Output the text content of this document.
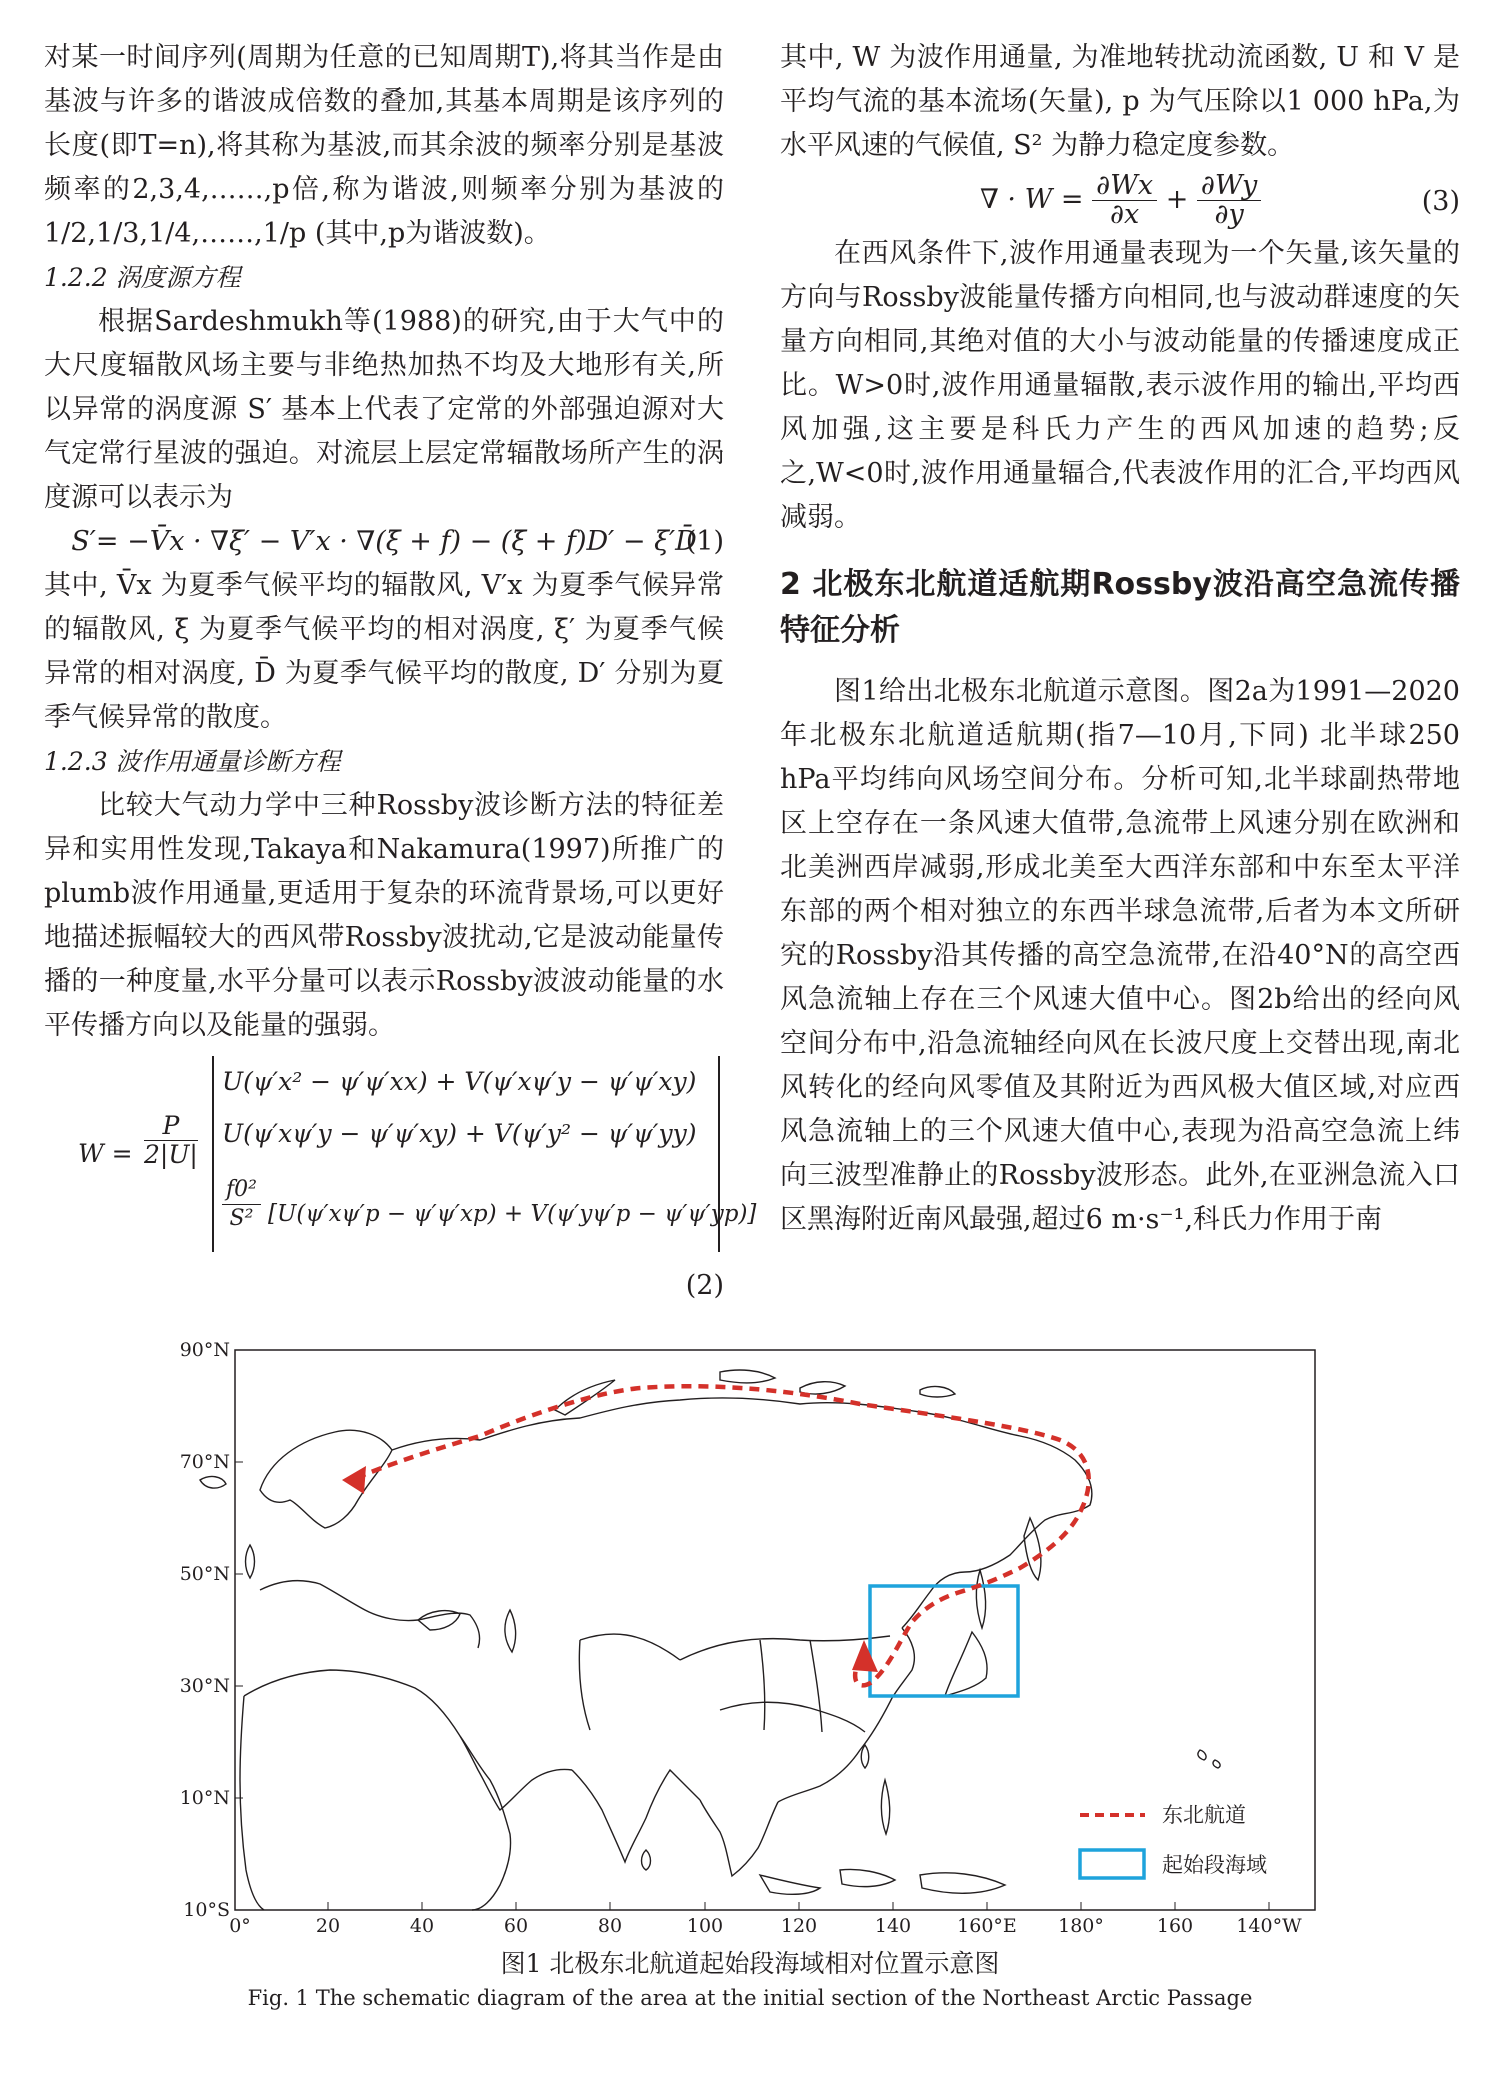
对某一时间序列(周期为任意的已知周期T),将其当作是由基波与许多的谐波成倍数的叠加,其基本周期是该序列的长度(即T=n),将其称为基波,而其余波的频率分别是基波频率的2,3,4,……,p倍,称为谐波,则频率分别为基波的1/2,1/3,1/4,……,1/p (其中,p为谐波数)。

1.2.2 涡度源方程

根据Sardeshmukh等(1988)的研究,由于大气中的大尺度辐散风场主要与非绝热加热不均及大地形有关,所以异常的涡度源 S′ 基本上代表了定常的外部强迫源对大气定常行星波的强迫。对流层上层定常辐散场所产生的涡度源可以表示为

S′= −V̄x · ∇ξ′ − V′x · ∇(ξ̄ + f) − (ξ̄ + f)D′ − ξ′D̄
(1)

其中, V̄x 为夏季气候平均的辐散风, V′x 为夏季气候异常的辐散风, ξ̄ 为夏季气候平均的相对涡度, ξ′ 为夏季气候异常的相对涡度, D̄ 为夏季气候平均的散度, D′ 分别为夏季气候异常的散度。

1.2.3 波作用通量诊断方程

比较大气动力学中三种Rossby波诊断方法的特征差异和实用性发现,Takaya和Nakamura(1997)所推广的plumb波作用通量,更适用于复杂的环流背景场,可以更好地描述振幅较大的西风带Rossby波扰动,它是波动能量传播的一种度量,水平分量可以表示Rossby波波动能量的水平传播方向以及能量的强弱。

$W = \frac{P}{2|U|}$
U(ψ′x² − ψ′ψ′xx) + V(ψ′xψ′y − ψ′ψ′xy)
U(ψ′xψ′y − ψ′ψ′xy) + V(ψ′y² − ψ′ψ′yy)
$\frac{\text{f0²}}{\text{S²}} [U(\psi'x\psi'p - \psi'\psi'xp) + V(\psi'y\psi'p - \psi'\psi'yp)]$
(2)

其中, W 为波作用通量, 为准地转扰动流函数, U 和 V 是平均气流的基本流场(矢量), p 为气压除以1 000 hPa,为水平风速的气候值, S² 为静力稳定度参数。

∇ · $W = \frac{\partial Wx}{\partial x} + \frac{\partial Wy}{\partial y}$	(3)

在西风条件下,波作用通量表现为一个矢量,该矢量的方向与Rossby波能量传播方向相同,也与波动群速度的矢量方向相同,其绝对值的大小与波动能量的传播速度成正比。W>0时,波作用通量辐散,表示波作用的输出,平均西风加强,这主要是科氏力产生的西风加速的趋势;反之,W<0时,波作用通量辐合,代表波作用的汇合,平均西风减弱。

2 北极东北航道适航期Rossby波沿高空急流传播特征分析

图1给出北极东北航道示意图。图2a为1991—2020年北极东北航道适航期(指7—10月,下同) 北半球250 hPa平均纬向风场空间分布。分析可知,北半球副热带地区上空存在一条风速大值带,急流带上风速分别在欧洲和北美洲西岸减弱,形成北美至大西洋东部和中东至太平洋东部的两个相对独立的东西半球急流带,后者为本文所研究的Rossby沿其传播的高空急流带,在沿40°N的高空西风急流轴上存在三个风速大值中心。图2b给出的经向风空间分布中,沿急流轴经向风在长波尺度上交替出现,南北风转化的经向风零值及其附近为西风极大值区域,对应西风急流轴上的三个风速大值中心,表现为沿高空急流上纬向三波型准静止的Rossby波形态。此外,在亚洲急流入口区黑海附近南风最强,超过6 m·s⁻¹,科氏力作用于南

90°N
70°N
50°N
30°N
10°N
10°S
0°	20	40	60	80	100	120	140 160°E 180°	160 140°W
东北航道
起始段海域
图1 北极东北航道起始段海域相对位置示意图
Fig. 1 The schematic diagram of the area at the initial section of the Northeast Arctic Passage
